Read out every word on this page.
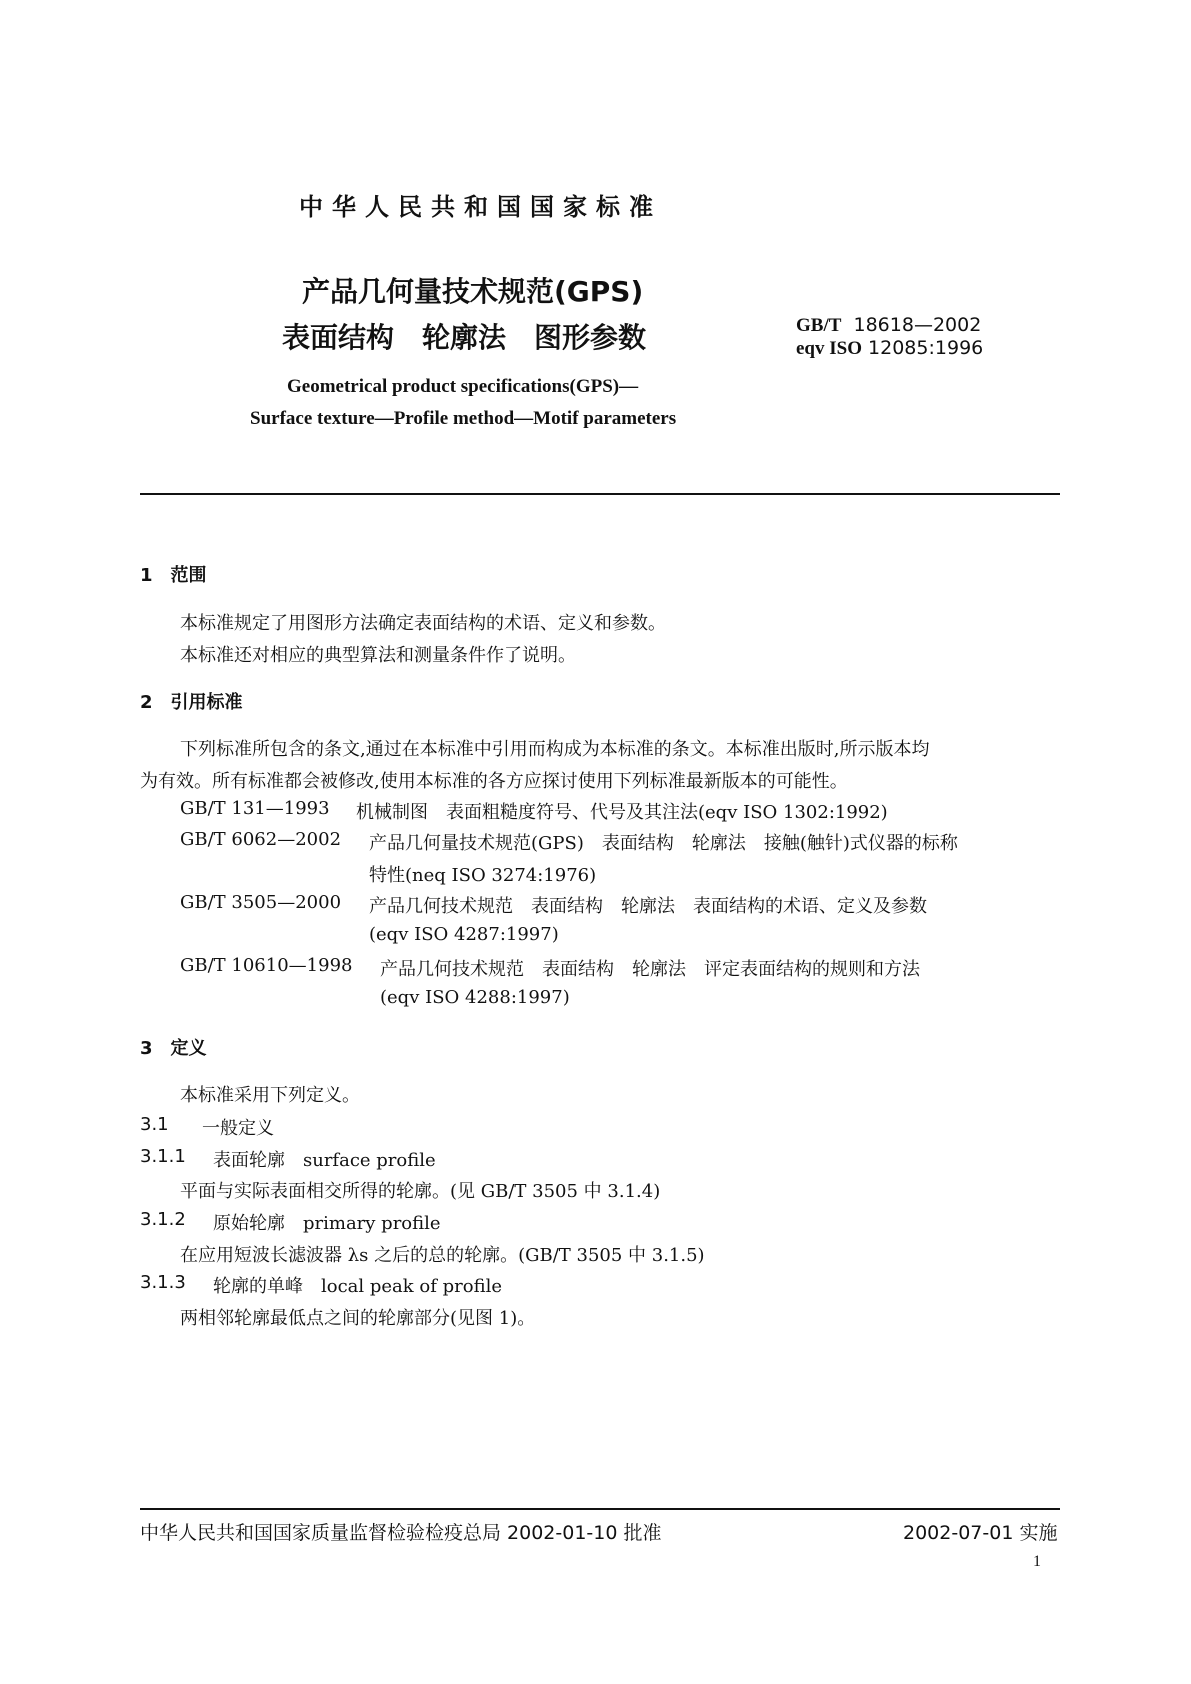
中华人民共和国国家标准
产品几何量技术规范(GPS)
表面结构　轮廓法　图形参数	GB/T 18618—2002
eqv ISO 12085:1996
Geometrical product specifications(GPS)—
Surface texture—Profile method—Motif parameters
1　范围
本标准规定了用图形方法确定表面结构的术语、定义和参数。
本标准还对相应的典型算法和测量条件作了说明。
2　引用标准
下列标准所包含的条文,通过在本标准中引用而构成为本标准的条文。本标准出版时,所示版本均
为有效。所有标准都会被修改,使用本标准的各方应探讨使用下列标准最新版本的可能性。
GB/T 131—1993 机械制图　表面粗糙度符号、代号及其注法(eqv ISO 1302:1992)
GB/T 6062—2002 产品几何量技术规范(GPS)　表面结构　轮廓法　接触(触针)式仪器的标称
特性(neq ISO 3274:1976)
GB/T 3505—2000 产品几何技术规范　表面结构　轮廓法　表面结构的术语、定义及参数
(eqv ISO 4287:1997)
GB/T 10610—1998 产品几何技术规范　表面结构　轮廓法　评定表面结构的规则和方法
(eqv ISO 4288:1997)
3　定义
本标准采用下列定义。
3.1 一般定义
3.1.1 表面轮廓　surface profile
平面与实际表面相交所得的轮廓。(见 GB/T 3505 中 3.1.4)
3.1.2 原始轮廓　primary profile
在应用短波长滤波器 λs 之后的总的轮廓。(GB/T 3505 中 3.1.5)
3.1.3 轮廓的单峰　local peak of profile
两相邻轮廓最低点之间的轮廓部分(见图 1)。
中华人民共和国国家质量监督检验检疫总局 2002-01-10 批准	2002-07-01 实施
1
